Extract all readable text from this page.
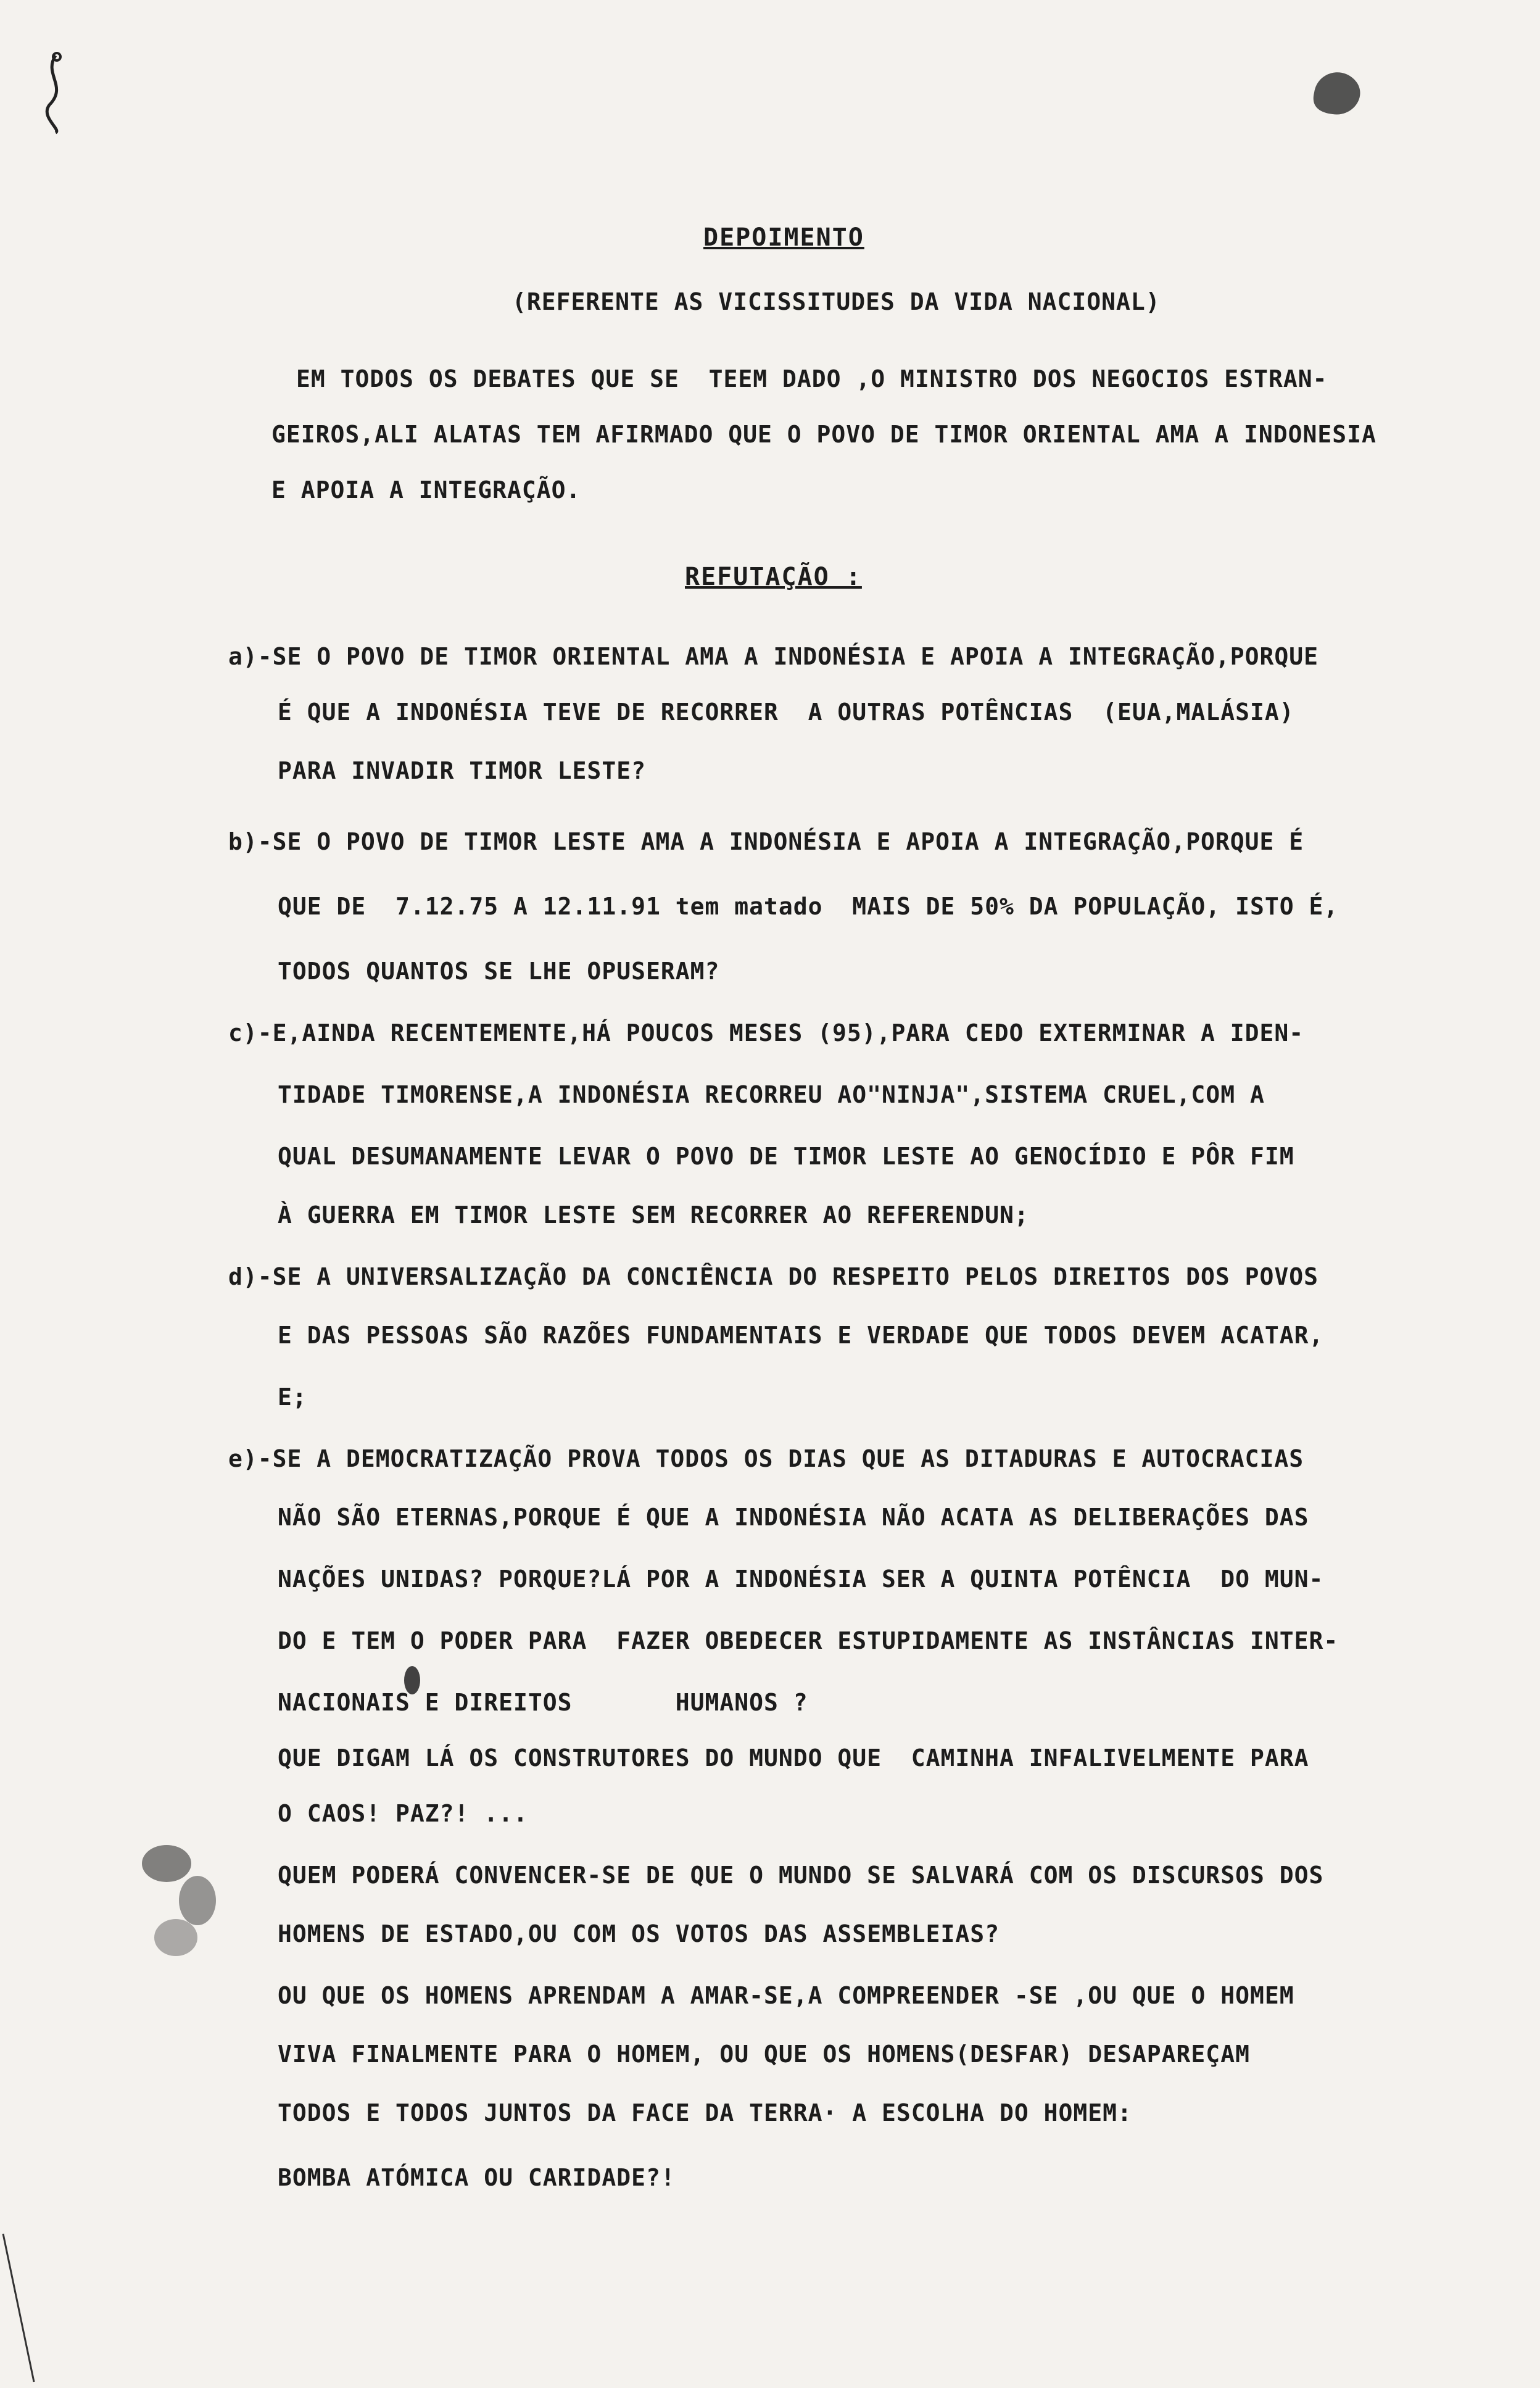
DEPOIMENTO
(REFERENTE AS VICISSITUDES DA VIDA NACIONAL)
EM TODOS OS DEBATES QUE SE  TEEM DADO ,O MINISTRO DOS NEGOCIOS ESTRAN-
GEIROS,ALI ALATAS TEM AFIRMADO QUE O POVO DE TIMOR ORIENTAL AMA A INDONESIA
E APOIA A INTEGRAÇÃO.
REFUTAÇÃO :
a)-SE O POVO DE TIMOR ORIENTAL AMA A INDONÉSIA E APOIA A INTEGRAÇÃO,PORQUE
É QUE A INDONÉSIA TEVE DE RECORRER  A OUTRAS POTÊNCIAS  (EUA,MALÁSIA)
PARA INVADIR TIMOR LESTE?
b)-SE O POVO DE TIMOR LESTE AMA A INDONÉSIA E APOIA A INTEGRAÇÃO,PORQUE É
QUE DE  7.12.75 A 12.11.91 tem matado  MAIS DE 50% DA POPULAÇÃO, ISTO É,
TODOS QUANTOS SE LHE OPUSERAM?
c)-E,AINDA RECENTEMENTE,HÁ POUCOS MESES (95),PARA CEDO EXTERMINAR A IDEN-
TIDADE TIMORENSE,A INDONÉSIA RECORREU AO"NINJA",SISTEMA CRUEL,COM A
QUAL DESUMANAMENTE LEVAR O POVO DE TIMOR LESTE AO GENOCÍDIO E PÔR FIM
À GUERRA EM TIMOR LESTE SEM RECORRER AO REFERENDUN;
d)-SE A UNIVERSALIZAÇÃO DA CONCIÊNCIA DO RESPEITO PELOS DIREITOS DOS POVOS
E DAS PESSOAS SÃO RAZÕES FUNDAMENTAIS E VERDADE QUE TODOS DEVEM ACATAR,
E;
e)-SE A DEMOCRATIZAÇÃO PROVA TODOS OS DIAS QUE AS DITADURAS E AUTOCRACIAS
NÃO SÃO ETERNAS,PORQUE É QUE A INDONÉSIA NÃO ACATA AS DELIBERAÇÕES DAS
NAÇÕES UNIDAS? PORQUE?LÁ POR A INDONÉSIA SER A QUINTA POTÊNCIA  DO MUN-
DO E TEM O PODER PARA  FAZER OBEDECER ESTUPIDAMENTE AS INSTÂNCIAS INTER-
NACIONAIS E DIREITOS       HUMANOS ?
QUE DIGAM LÁ OS CONSTRUTORES DO MUNDO QUE  CAMINHA INFALIVELMENTE PARA
O CAOS! PAZ?! ...
QUEM PODERÁ CONVENCER-SE DE QUE O MUNDO SE SALVARÁ COM OS DISCURSOS DOS
HOMENS DE ESTADO,OU COM OS VOTOS DAS ASSEMBLEIAS?
OU QUE OS HOMENS APRENDAM A AMAR-SE,A COMPREENDER -SE ,OU QUE O HOMEM
VIVA FINALMENTE PARA O HOMEM, OU QUE OS HOMENS(DESFAR) DESAPAREÇAM
TODOS E TODOS JUNTOS DA FACE DA TERRA· A ESCOLHA DO HOMEM:
BOMBA ATÓMICA OU CARIDADE?!
